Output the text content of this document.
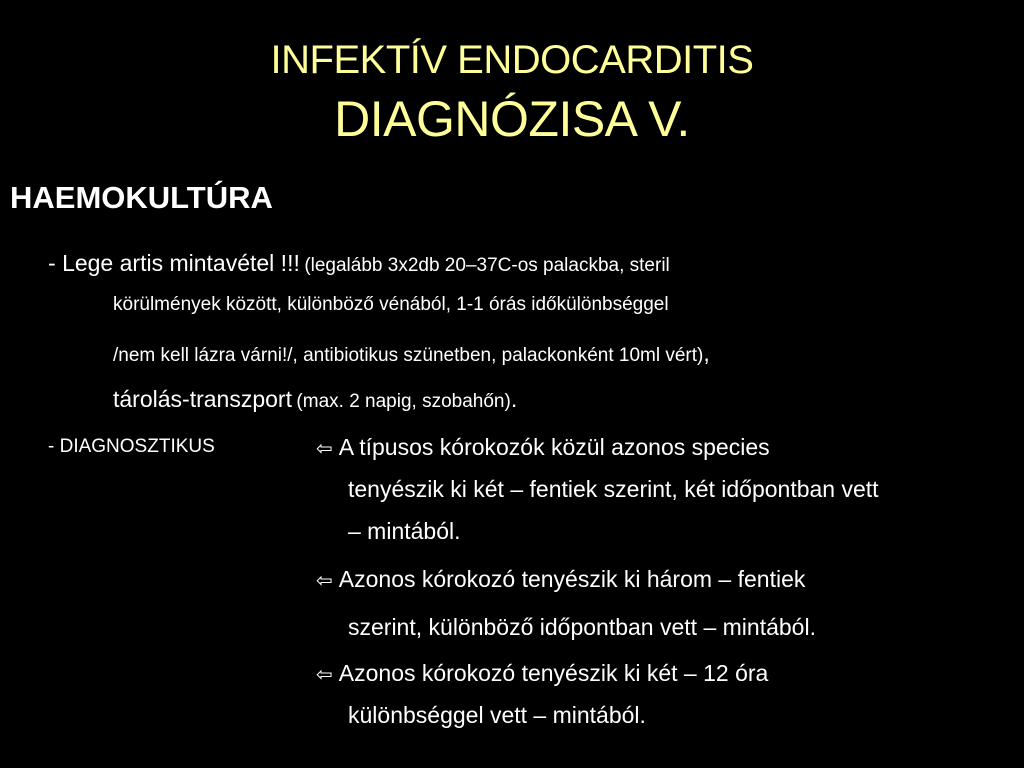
INFEKTÍV ENDOCARDITIS
DIAGNÓZISA V.
HAEMOKULTÚRA
- Lege artis mintavétel !!! (legalább 3x2db 20–37C-os palackba, steril
körülmények között, különböző vénából, 1-1 órás időkülönbséggel
/nem kell lázra várni!/, antibiotikus szünetben, palackonként 10ml vért),
tárolás-transzport (max. 2 napig, szobahőn).
- DIAGNOSZTIKUS	⇦ A típusos kórokozók közül azonos species
tenyészik ki két – fentiek szerint, két időpontban vett
– mintából.
⇦ Azonos kórokozó tenyészik ki három – fentiek
szerint, különböző időpontban vett – mintából.
⇦ Azonos kórokozó tenyészik ki két – 12 óra
különbséggel vett – mintából.
